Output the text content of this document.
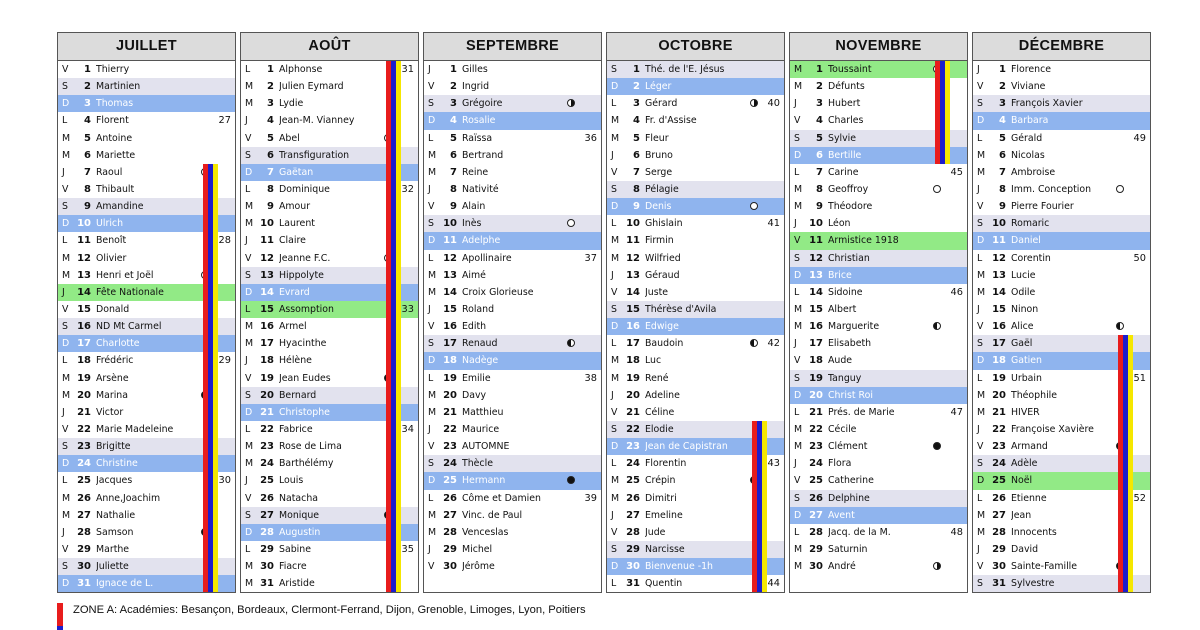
JUILLET
V	1 Thierry
S	2 Martinien
D	3 Thomas
L	4 Florent	27
M	5 Antoine
M	6 Mariette
J	7 Raoul
V	8 Thibault
S	9 Amandine
D 10 Ulrich
L 11 Benoît	28
M 12 Olivier
M 13 Henri et Joël
J	14 Fête Nationale
V 15 Donald
S 16 ND Mt Carmel
D 17 Charlotte
L 18 Frédéric	29
M 19 Arsène
M 20 Marina
J	21 Victor
V 22 Marie Madeleine
S 23 Brigitte
D 24 Christine
L 25 Jacques	30
M 26 Anne,Joachim
M 27 Nathalie
J	28 Samson
V 29 Marthe
S 30 Juliette
D 31 Ignace de L.
AOÛT
L	1 Alphonse	31
M	2 Julien Eymard
M	3 Lydie
J	4 Jean-M. Vianney
V	5 Abel
S	6 Transfiguration
D	7 Gaëtan
L	8 Dominique	32
M	9 Amour
M 10 Laurent
J	11 Claire
V 12 Jeanne F.C.
S 13 Hippolyte
D 14 Evrard
L 15 Assomption	33
M 16 Armel
M 17 Hyacinthe
J	18 Hélène
V 19 Jean Eudes
S 20 Bernard
D 21 Christophe
L 22 Fabrice	34
M 23 Rose de Lima
M 24 Barthélémy
J	25 Louis
V 26 Natacha
S 27 Monique
D 28 Augustin
L 29 Sabine	35
M 30 Fiacre
M 31 Aristide
SEPTEMBRE
J	1 Gilles
V	2 Ingrid
S	3 Grégoire
D	4 Rosalie
L	5 Raïssa	36
M	6 Bertrand
M	7 Reine
J	8 Nativité
V	9 Alain
S 10 Inès
D 11 Adelphe
L 12 Apollinaire	37
M 13 Aimé
M 14 Croix Glorieuse
J	15 Roland
V 16 Edith
S 17 Renaud
D 18 Nadège
L 19 Emilie	38
M 20 Davy
M 21 Matthieu
J	22 Maurice
V 23 AUTOMNE
S 24 Thècle
D 25 Hermann
L 26 Côme et Damien	39
M 27 Vinc. de Paul
M 28 Venceslas
J	29 Michel
V 30 Jérôme
OCTOBRE
S	1 Thé. de l'E. Jésus
D	2 Léger
L	3 Gérard	40
M	4 Fr. d'Assise
M	5 Fleur
J	6 Bruno
V	7 Serge
S	8 Pélagie
D	9 Denis
L 10 Ghislain	41
M 11 Firmin
M 12 Wilfried
J	13 Géraud
V 14 Juste
S 15 Thérèse d'Avila
D 16 Edwige
L 17 Baudoin	42
M 18 Luc
M 19 René
J	20 Adeline
V 21 Céline
S 22 Elodie
D 23 Jean de Capistran
L 24 Florentin	43
M 25 Crépin
M 26 Dimitri
J	27 Emeline
V 28 Jude
S 29 Narcisse
D 30 Bienvenue -1h
L 31 Quentin	44
NOVEMBRE
M	1 Toussaint
M	2 Défunts
J	3 Hubert
V	4 Charles
S	5 Sylvie
D	6 Bertille
L	7 Carine	45
M	8 Geoffroy
M	9 Théodore
J	10 Léon
V 11 Armistice 1918
S 12 Christian
D 13 Brice
L 14 Sidoine	46
M 15 Albert
M 16 Marguerite
J	17 Elisabeth
V 18 Aude
S 19 Tanguy
D 20 Christ Roi
L 21 Prés. de Marie	47
M 22 Cécile
M 23 Clément
J	24 Flora
V 25 Catherine
S 26 Delphine
D 27 Avent
L 28 Jacq. de la M.	48
M 29 Saturnin
M 30 André
DÉCEMBRE
J	1 Florence
V	2 Viviane
S	3 François Xavier
D	4 Barbara
L	5 Gérald	49
M	6 Nicolas
M	7 Ambroise
J	8 Imm. Conception
V	9 Pierre Fourier
S 10 Romaric
D 11 Daniel
L 12 Corentin	50
M 13 Lucie
M 14 Odile
J	15 Ninon
V 16 Alice
S 17 Gaël
D 18 Gatien
L 19 Urbain	51
M 20 Théophile
M 21 HIVER
J	22 Françoise Xavière
V 23 Armand
S 24 Adèle
D 25 Noël
L 26 Etienne	52
M 27 Jean
M 28 Innocents
J	29 David
V 30 Sainte-Famille
S 31 Sylvestre
ZONE A: Académies: Besançon, Bordeaux, Clermont-Ferrand, Dijon, Grenoble, Limoges, Lyon, Poitiers
